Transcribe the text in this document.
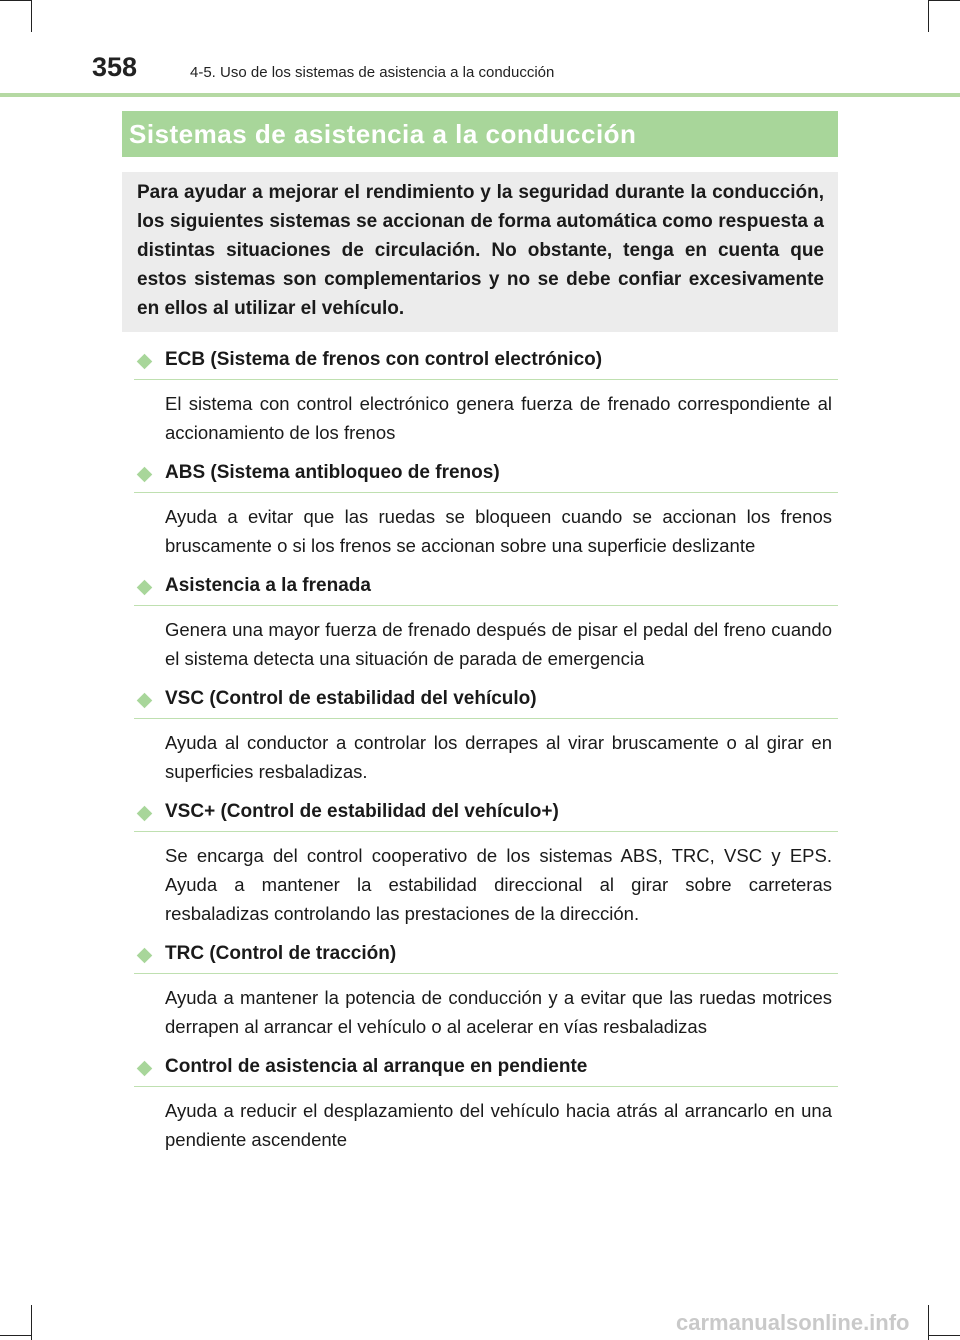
358	4-5. Uso de los sistemas de asistencia a la conducción
Sistemas de asistencia a la conducción
Para ayudar a mejorar el rendimiento y la seguridad durante la conducción, los siguientes sistemas se accionan de forma automática como respuesta a distintas situaciones de circulación. No obstante, tenga en cuenta que estos sistemas son complementarios y no se debe confiar excesivamente en ellos al utilizar el vehículo.
ECB (Sistema de frenos con control electrónico)
El sistema con control electrónico genera fuerza de frenado correspondiente al accionamiento de los frenos
ABS (Sistema antibloqueo de frenos)
Ayuda a evitar que las ruedas se bloqueen cuando se accionan los frenos bruscamente o si los frenos se accionan sobre una superficie deslizante
Asistencia a la frenada
Genera una mayor fuerza de frenado después de pisar el pedal del freno cuando el sistema detecta una situación de parada de emergencia
VSC (Control de estabilidad del vehículo)
Ayuda al conductor a controlar los derrapes al virar bruscamente o al girar en superficies resbaladizas.
VSC+ (Control de estabilidad del vehículo+)
Se encarga del control cooperativo de los sistemas ABS, TRC, VSC y EPS. Ayuda a mantener la estabilidad direccional al girar sobre carreteras resbaladizas controlando las prestaciones de la dirección.
TRC (Control de tracción)
Ayuda a mantener la potencia de conducción y a evitar que las ruedas motrices derrapen al arrancar el vehículo o al acelerar en vías resbaladizas
Control de asistencia al arranque en pendiente
Ayuda a reducir el desplazamiento del vehículo hacia atrás al arrancarlo en una pendiente ascendente
carmanualsonline.info
